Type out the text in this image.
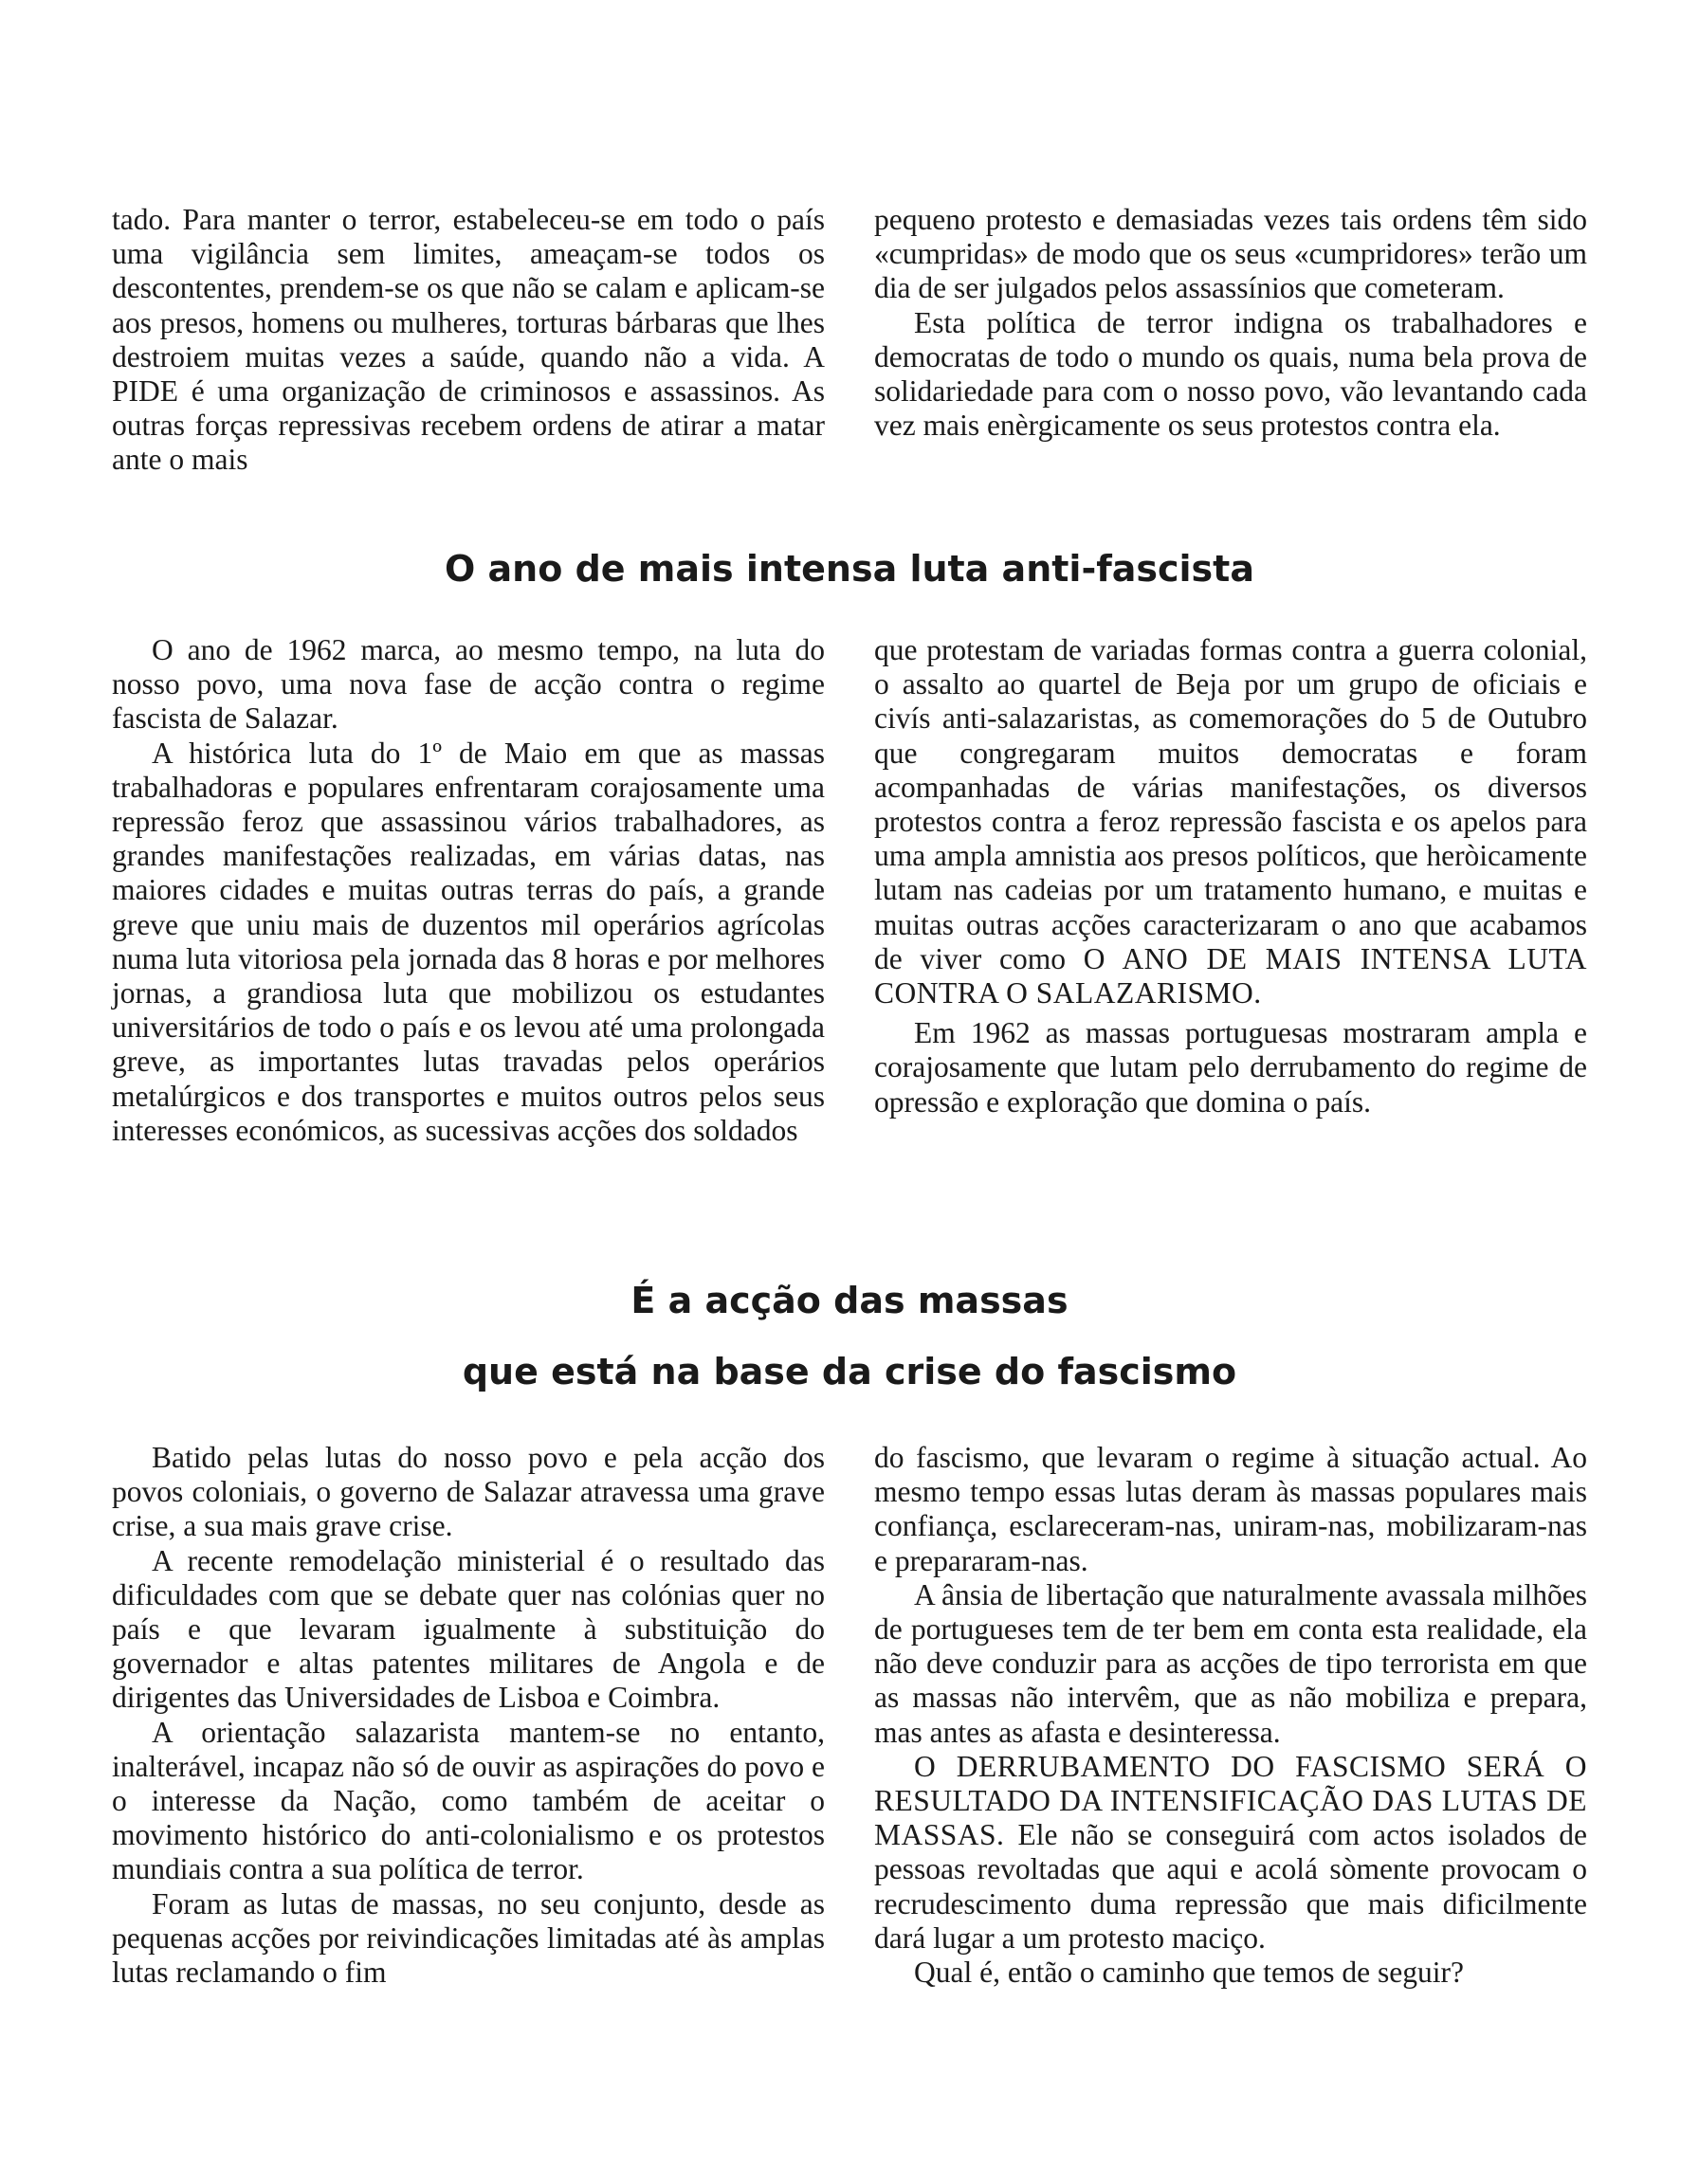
tado. Para manter o terror, estabeleceu-se em todo o país uma vigilância sem limites, ameaçam-se todos os descontentes, prendem-se os que não se calam e aplicam-se aos presos, homens ou mulheres, torturas bárbaras que lhes destroiem muitas vezes a saúde, quando não a vida. A PIDE é uma organização de criminosos e assassinos. As outras forças repressivas recebem ordens de atirar a matar ante o mais

pequeno protesto e demasiadas vezes tais ordens têm sido «cumpridas» de modo que os seus «cumpridores» terão um dia de ser julgados pelos assassínios que cometeram.

Esta política de terror indigna os trabalhadores e democratas de todo o mundo os quais, numa bela prova de solidariedade para com o nosso povo, vão levantando cada vez mais enèrgicamente os seus protestos contra ela.

O ano de mais intensa luta anti-fascista

O ano de 1962 marca, ao mesmo tempo, na luta do nosso povo, uma nova fase de acção contra o regime fascista de Salazar.

A histórica luta do 1º de Maio em que as massas trabalhadoras e populares enfrentaram corajosamente uma repressão feroz que assassinou vários trabalhadores, as grandes manifestações realizadas, em várias datas, nas maiores cidades e muitas outras terras do país, a grande greve que uniu mais de duzentos mil operários agrícolas numa luta vitoriosa pela jornada das 8 horas e por melhores jornas, a grandiosa luta que mobilizou os estudantes universitários de todo o país e os levou até uma prolongada greve, as importantes lutas travadas pelos operários metalúrgicos e dos transportes e muitos outros pelos seus interesses económicos, as sucessivas acções dos soldados

que protestam de variadas formas contra a guerra colonial, o assalto ao quartel de Beja por um grupo de oficiais e civís anti-salazaristas, as comemorações do 5 de Outubro que congregaram muitos democratas e foram acompanhadas de várias manifestações, os diversos protestos contra a feroz repressão fascista e os apelos para uma ampla amnistia aos presos políticos, que heròicamente lutam nas cadeias por um tratamento humano, e muitas e muitas outras acções caracterizaram o ano que acabamos de viver como O ANO DE MAIS INTENSA LUTA CONTRA O SALAZARISMO.

Em 1962 as massas portuguesas mostraram ampla e corajosamente que lutam pelo derrubamento do regime de opressão e exploração que domina o país.

É a acção das massas
que está na base da crise do fascismo

Batido pelas lutas do nosso povo e pela acção dos povos coloniais, o governo de Salazar atravessa uma grave crise, a sua mais grave crise.

A recente remodelação ministerial é o resultado das dificuldades com que se debate quer nas colónias quer no país e que levaram igualmente à substituição do governador e altas patentes militares de Angola e de dirigentes das Universidades de Lisboa e Coimbra.

A orientação salazarista mantem-se no entanto, inalterável, incapaz não só de ouvir as aspirações do povo e o interesse da Nação, como também de aceitar o movimento histórico do anti-colonialismo e os protestos mundiais contra a sua política de terror.

Foram as lutas de massas, no seu conjunto, desde as pequenas acções por reivindicações limitadas até às amplas lutas reclamando o fim

do fascismo, que levaram o regime à situação actual. Ao mesmo tempo essas lutas deram às massas populares mais confiança, esclareceram-nas, uniram-nas, mobilizaram-nas e prepararam-nas.

A ânsia de libertação que naturalmente avassala milhões de portugueses tem de ter bem em conta esta realidade, ela não deve conduzir para as acções de tipo terrorista em que as massas não intervêm, que as não mobiliza e prepara, mas antes as afasta e desinteressa.

O DERRUBAMENTO DO FASCISMO SERÁ O RESULTADO DA INTENSIFICAÇÃO DAS LUTAS DE MASSAS. Ele não se conseguirá com actos isolados de pessoas revoltadas que aqui e acolá sòmente provocam o recrudescimento duma repressão que mais dificilmente dará lugar a um protesto maciço.

Qual é, então o caminho que temos de seguir?
